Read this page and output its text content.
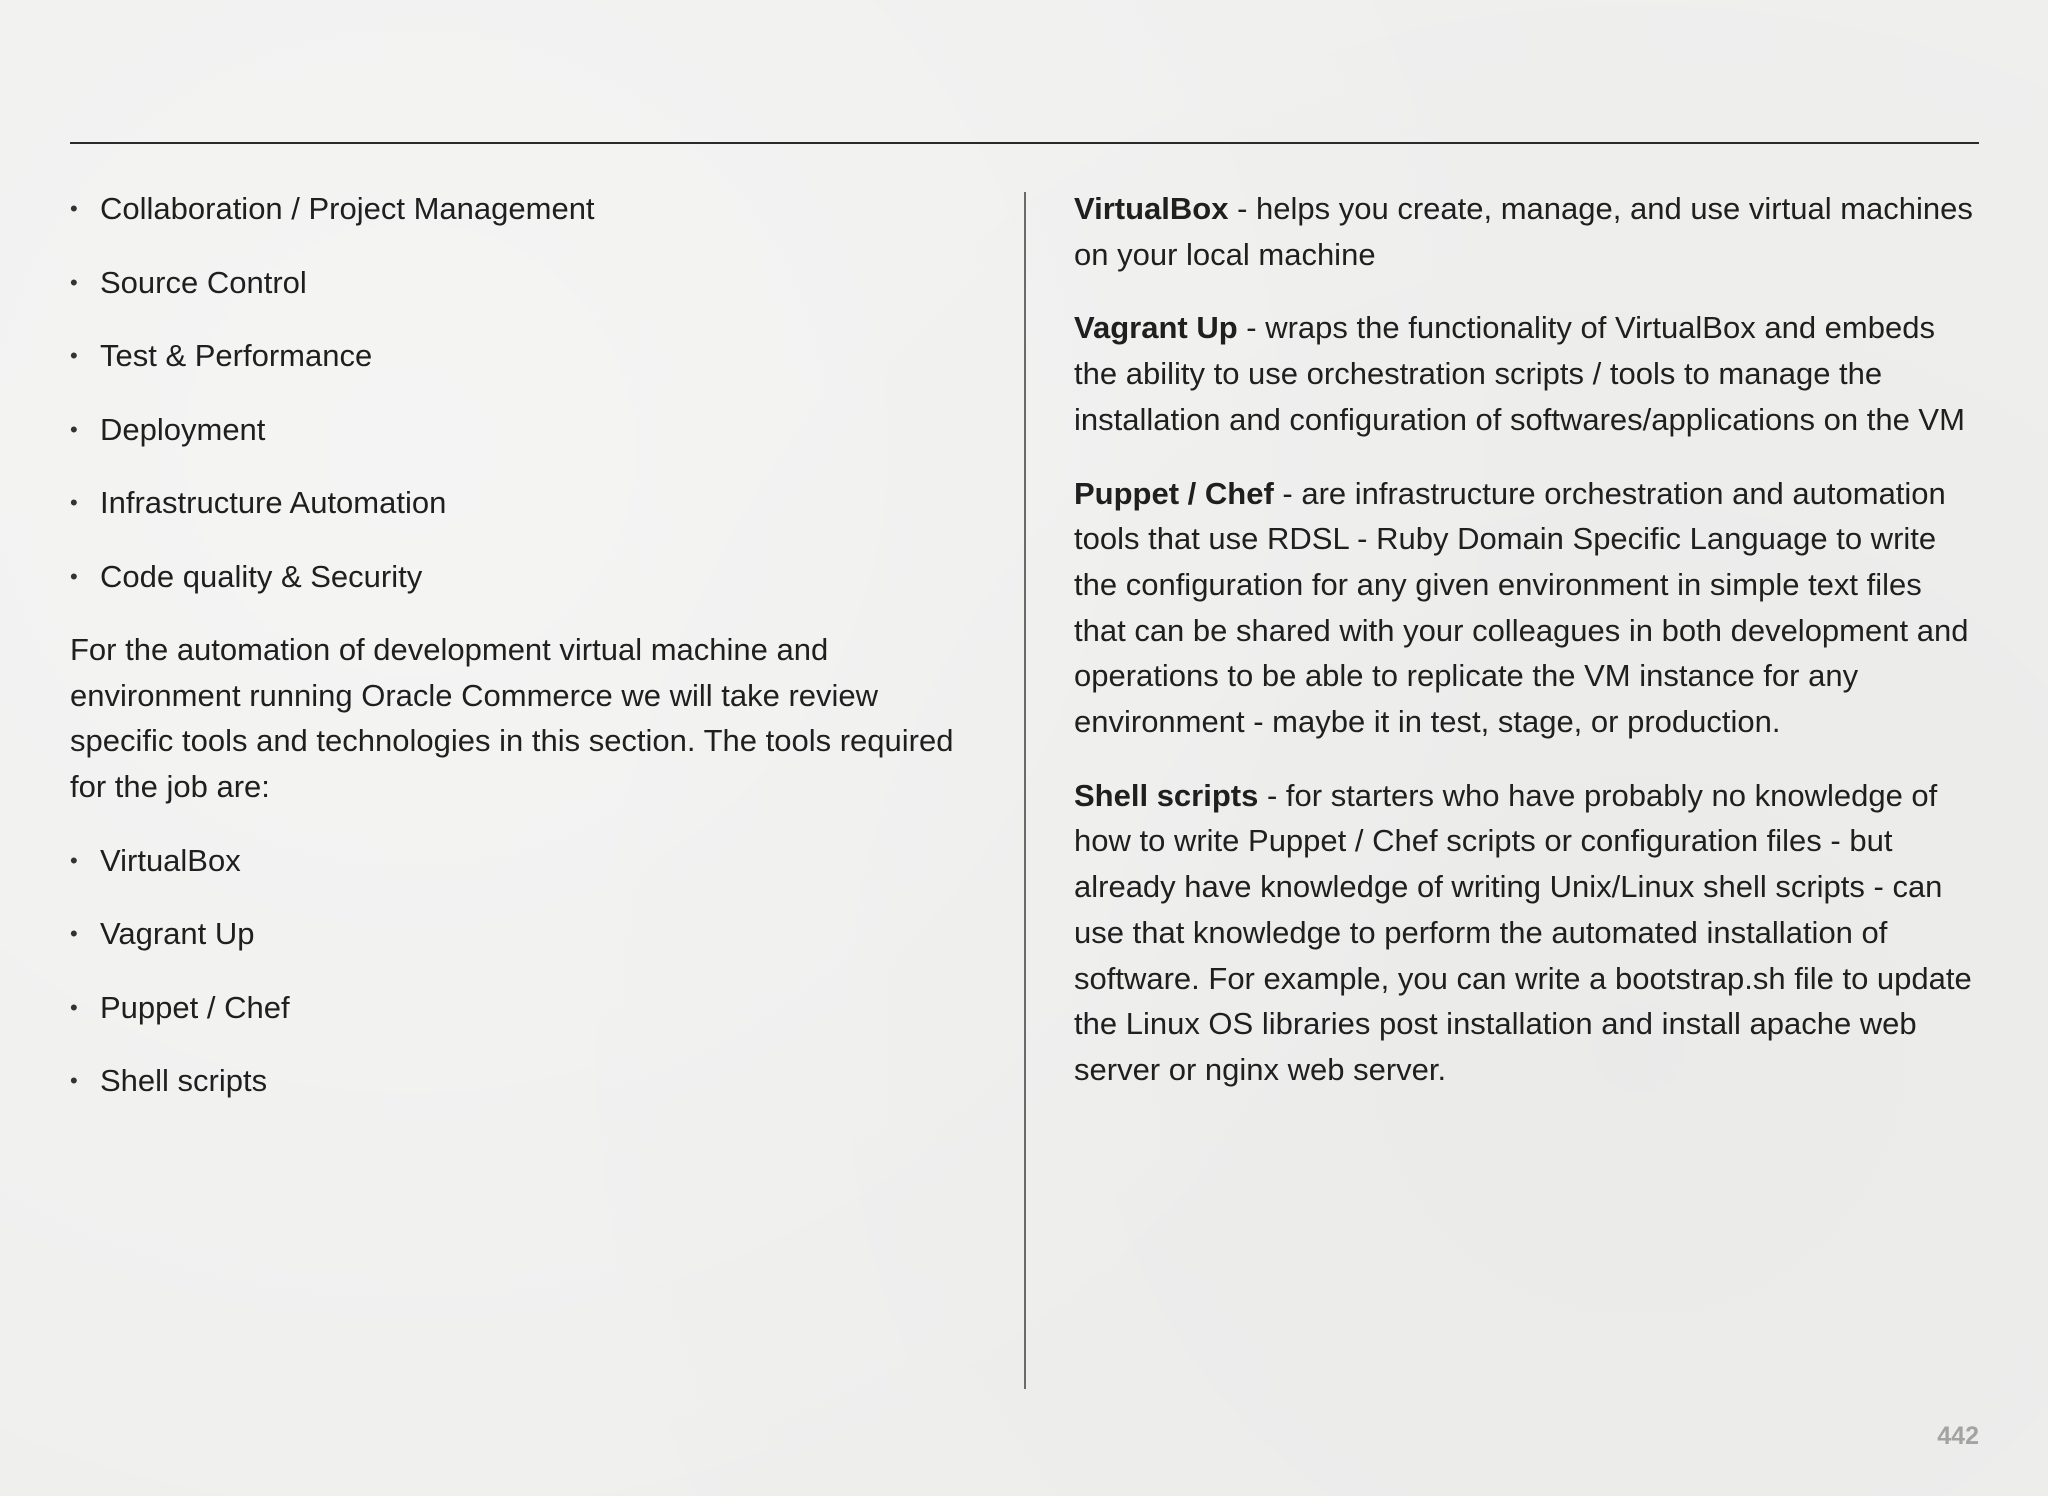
• Collaboration / Project Management
• Source Control
• Test & Performance
• Deployment
• Infrastructure Automation
• Code quality & Security

For the automation of development virtual machine and environment running Oracle Commerce we will take review specific tools and technologies in this section. The tools required for the job are:

• VirtualBox
• Vagrant Up
• Puppet / Chef
• Shell scripts

VirtualBox - helps you create, manage, and use virtual machines on your local machine

Vagrant Up - wraps the functionality of VirtualBox and embeds the ability to use orchestration scripts / tools to manage the installation and configuration of softwares/applications on the VM

Puppet / Chef - are infrastructure orchestration and automation tools that use RDSL - Ruby Domain Specific Language to write the configuration for any given environment in simple text files that can be shared with your colleagues in both development and operations to be able to replicate the VM instance for any environment - maybe it in test, stage, or production.

Shell scripts - for starters who have probably no knowledge of how to write Puppet / Chef scripts or configuration files - but already have knowledge of writing Unix/Linux shell scripts - can use that knowledge to perform the automated installation of software. For example, you can write a bootstrap.sh file to update the Linux OS libraries post installation and install apache web server or nginx web server.

442
